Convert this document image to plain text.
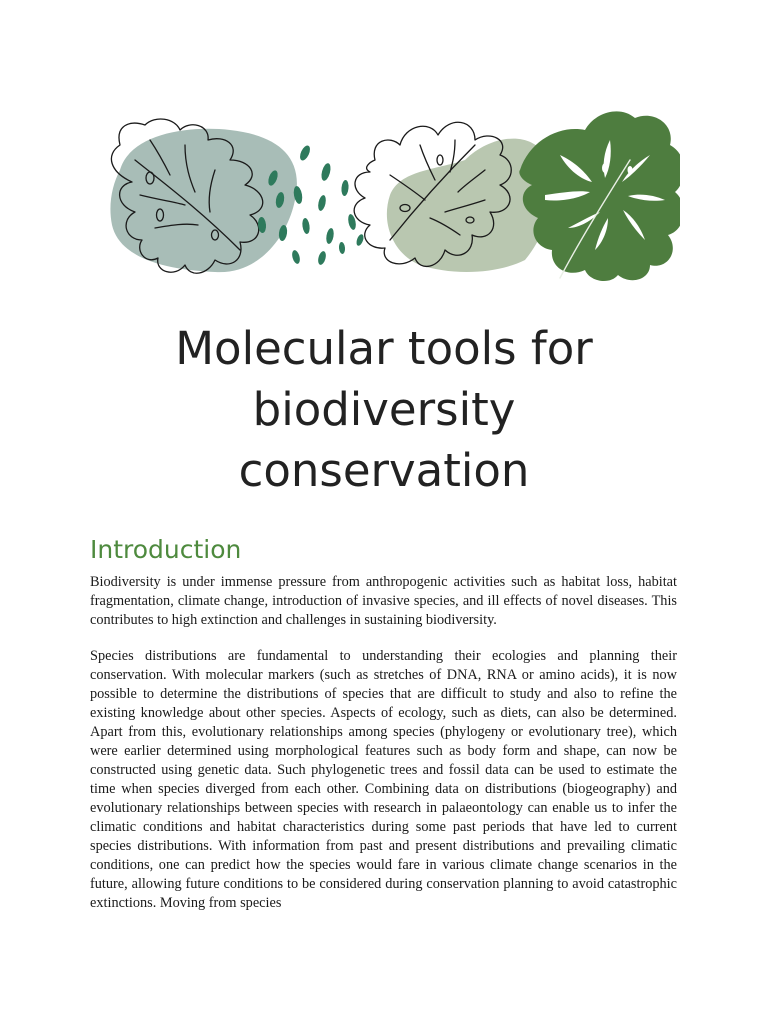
Molecular tools for
biodiversity
conservation
Introduction

Biodiversity is under immense pressure from anthropogenic activities such as habitat loss, habitat fragmentation, climate change, introduction of invasive species, and ill effects of novel diseases. This contributes to high extinction and challenges in sustaining biodiversity.

Species distributions are fundamental to understanding their ecologies and planning their conservation. With molecular markers (such as stretches of DNA, RNA or amino acids), it is now possible to determine the distributions of species that are difficult to study and also to refine the existing knowledge about other species. Aspects of ecology, such as diets, can also be determined. Apart from this, evolutionary relationships among species (phylogeny or evolutionary tree), which were earlier determined using morphological features such as body form and shape, can now be constructed using genetic data. Such phylogenetic trees and fossil data can be used to estimate the time when species diverged from each other. Combining data on distributions (biogeography) and evolutionary relationships between species with research in palaeontology can enable us to infer the climatic conditions and habitat characteristics during some past periods that have led to current species distributions. With information from past and present distributions and prevailing climatic conditions, one can predict how the species would fare in various climate change scenarios in the future, allowing future conditions to be considered during conservation planning to avoid catastrophic extinctions. Moving from species
